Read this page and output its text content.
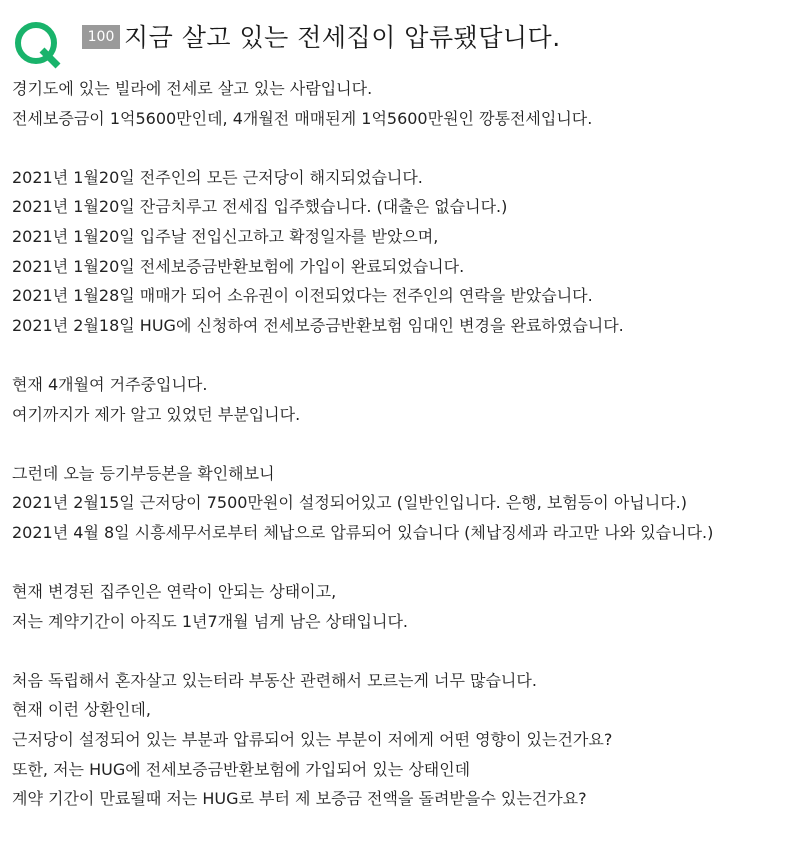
100 지금 살고 있는 전세집이 압류됐답니다.
경기도에 있는 빌라에 전세로 살고 있는 사람입니다.
전세보증금이 1억5600만인데, 4개월전 매매된게 1억5600만원인 깡통전세입니다.
2021년 1월20일 전주인의 모든 근저당이 해지되었습니다.
2021년 1월20일 잔금치루고 전세집 입주했습니다. (대출은 없습니다.)
2021년 1월20일 입주날 전입신고하고 확정일자를 받았으며,
2021년 1월20일 전세보증금반환보험에 가입이 완료되었습니다.
2021년 1월28일 매매가 되어 소유권이 이전되었다는 전주인의 연락을 받았습니다.
2021년 2월18일 HUG에 신청하여 전세보증금반환보험 임대인 변경을 완료하였습니다.
현재 4개월여 거주중입니다.
여기까지가 제가 알고 있었던 부분입니다.
그런데 오늘 등기부등본을 확인해보니
2021년 2월15일 근저당이 7500만원이 설정되어있고 (일반인입니다. 은행, 보험등이 아닙니다.)
2021년 4월 8일 시흥세무서로부터 체납으로 압류되어 있습니다 (체납징세과 라고만 나와 있습니다.)
현재 변경된 집주인은 연락이 안되는 상태이고,
저는 계약기간이 아직도 1년7개월 넘게 남은 상태입니다.
처음 독립해서 혼자살고 있는터라 부동산 관련해서 모르는게 너무 많습니다.
현재 이런 상환인데,
근저당이 설정되어 있는 부분과 압류되어 있는 부분이 저에게 어떤 영향이 있는건가요?
또한, 저는 HUG에 전세보증금반환보험에 가입되어 있는 상태인데
계약 기간이 만료될때 저는 HUG로 부터 제 보증금 전액을 돌려받을수 있는건가요?
